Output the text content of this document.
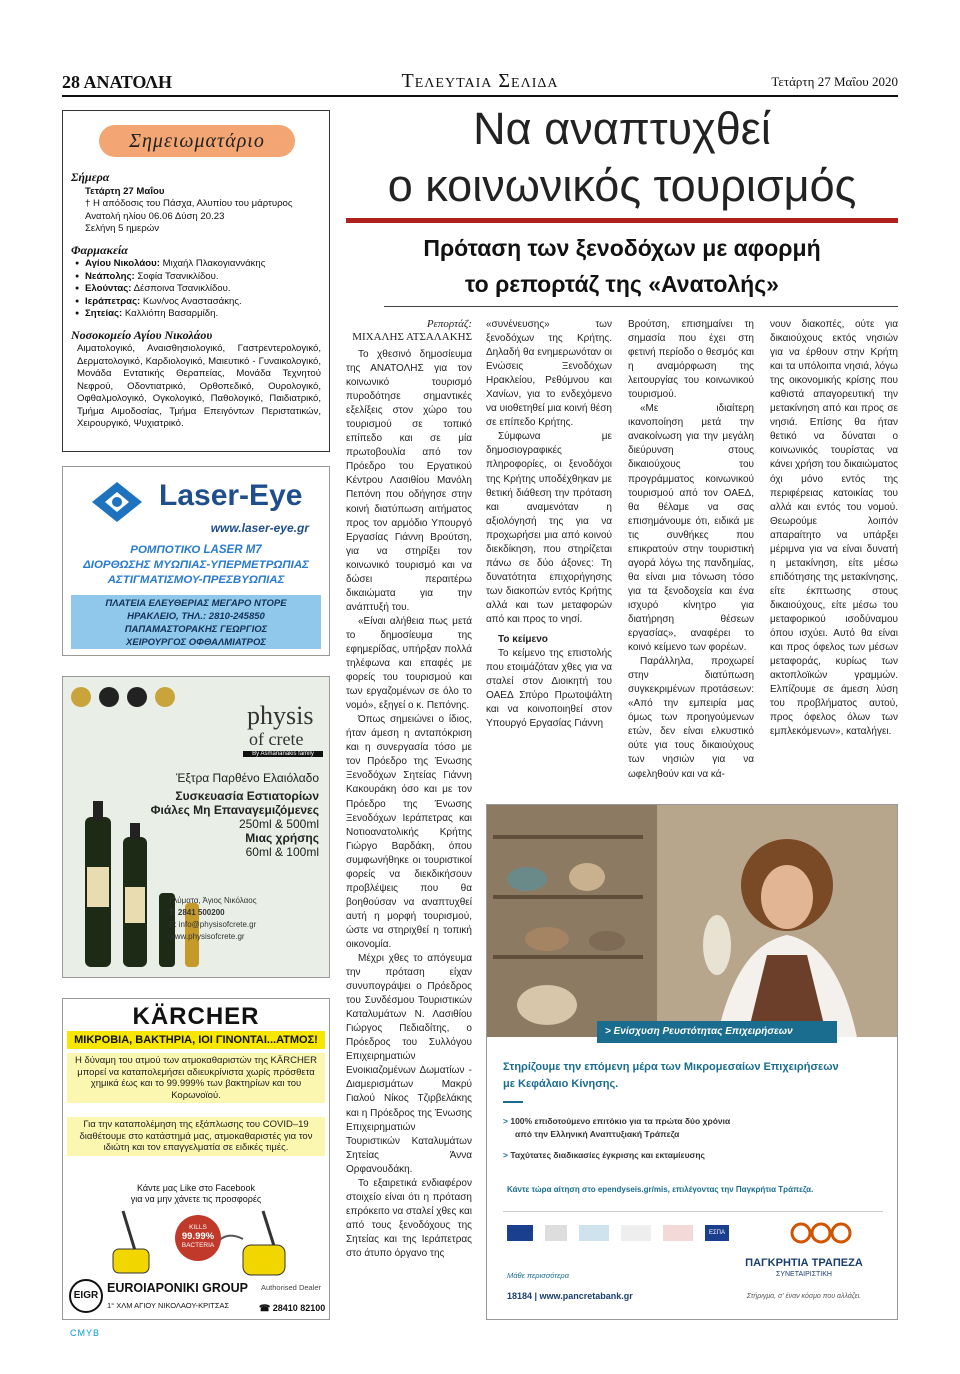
28 ΑΝΑΤΟΛΗ	Τελευταια Σελιδα	Τετάρτη 27 Μαΐου 2020
Σημειωματάριο
Σήμερα
Τετάρτη 27 Μαΐου
† Η απόδοσις του Πάσχα, Αλυπίου του μάρτυρος
Ανατολή ηλίου 06.06 Δύση 20.23
Σελήνη 5 ημερών
Φαρμακεία
● Αγίου Νικολάου: Μιχαήλ Πλακογιαννάκης
● Νεάπολης: Σοφία Τσανικλίδου.
● Ελούντας: Δέσποινα Τσανικλίδου.
● Ιεράπετρας: Κων/νος Αναστασάκης.
● Σητείας: Καλλιόπη Βασαρμίδη.
Νοσοκομείο Αγίου Νικολάου
Αιματολογικό, Αναισθησιολογικό, Γαστρεντερολογικό, Δερματολογικό, Καρδιολογικό, Μαιευτικό - Γυναικολογικό, Μονάδα Εντατικής Θεραπείας, Μονάδα Τεχνητού Νεφρού, Οδοντιατρικό, Ορθοπεδικό, Ουρολογικό, Οφθαλμολογικό, Ογκολογικό, Παθολογικό, Παιδιατρικό, Τμήμα Αιμοδοσίας, Τμήμα Επειγόντων Περιστατικών, Χειρουργικό, Ψυχιατρικό.
Να αναπτυχθεί
ο κοινωνικός τουρισμός
Πρόταση των ξενοδόχων με αφορμή
το ρεπορτάζ της «Ανατολής»
Ρεπορτάζ:
ΜΙΧΑΛΗΣ ΑΤΣΑΛΑΚΗΣ

Το χθεσινό δημοσίευμα της ΑΝΑΤΟΛΗΣ για τον κοινωνικό τουρισμό πυροδότησε σημαντικές εξελίξεις στον χώρο του τουρισμού σε τοπικό επίπεδο και σε μία πρωτοβουλία από τον Πρόεδρο του Εργατικού Κέντρου Λασιθίου Μανόλη Πεπόνη που οδήγησε στην κοινή διατύπωση αιτήματος προς τον αρμόδιο Υπουργό Εργασίας Γιάννη Βρούτση, για να στηρίξει τον κοινωνικό τουρισμό και να δώσει περαιτέρω δικαιώματα για την ανάπτυξή του.

«Είναι αλήθεια πως μετά το δημοσίευμα της εφημερίδας, υπήρξαν πολλά τηλέφωνα και επαφές με φορείς του τουρισμού και των εργαζομένων σε όλο το νομό», εξηγεί ο κ. Πεπόνης.

Όπως σημειώνει ο ίδιος, ήταν άμεση η ανταπόκριση και η συνεργασία τόσο με τον Πρόεδρο της Ένωσης Ξενοδόχων Σητείας Γιάννη Κακουράκη όσο και με τον Πρόεδρο της Ένωσης Ξενοδόχων Ιεράπετρας και Νοτιοανατολικής Κρήτης Γιώργο Βαρδάκη, όπου συμφωνήθηκε οι τουριστικοί φορείς να διεκδικήσουν προβλέψεις που θα βοηθούσαν να αναπτυχθεί αυτή η μορφή τουρισμού, ώστε να στηριχθεί η τοπική οικονομία.

Μέχρι χθες το απόγευμα την πρόταση είχαν συνυπογράψει ο Πρόεδρος του Συνδέσμου Τουριστικών Καταλυμάτων Ν. Λασιθίου Γιώργος Πεδιαδίτης, ο Πρόεδρος του Συλλόγου Επιχειρηματιών Ενοικιαζομένων Δωματίων - Διαμερισμάτων Μακρύ Γιαλού Νίκος Τζιρβελάκης και η Πρόεδρος της Ένωσης Επιχειρηματιών Τουριστικών Καταλυμάτων Σητείας Άννα Ορφανουδάκη.

Το εξαιρετικά ενδιαφέρον στοιχείο είναι ότι η πρόταση επρόκειτο να σταλεί χθες και από τους ξενοδόχους της Σητείας και της Ιεράπετρας στο άτυπο όργανο της

«συνένευσης» των ξενοδόχων της Κρήτης. Δηλαδή θα ενημερωνόταν οι Ενώσεις Ξενοδόχων Ηρακλείου, Ρεθύμνου και Χανίων, για το ενδεχόμενο να υιοθετηθεί μια κοινή θέση σε επίπεδο Κρήτης.

Σύμφωνα με δημοσιογραφικές πληροφορίες, οι ξενοδόχοι της Κρήτης υποδέχθηκαν με θετική διάθεση την πρόταση και αναμενόταν η αξιολόγησή της για να προχωρήσει μια από κοινού διεκδίκηση, που στηρίζεται πάνω σε δύο άξονες: Τη δυνατότητα επιχορήγησης των διακοπών εντός Κρήτης αλλά και των μεταφορών από και προς το νησί.

Το κείμενο

Το κείμενο της επιστολής που ετοιμάζόταν χθες για να σταλεί στον Διοικητή του ΟΑΕΔ Σπύρο Πρωτοψάλτη και να κοινοποιηθεί στον Υπουργό Εργασίας Γιάννη

Βρούτση, επισημαίνει τη σημασία που έχει στη φετινή περίοδο ο θεσμός και η αναμόρφωση της λειτουργίας του κοινωνικού τουρισμού.

«Με ιδιαίτερη ικανοποίηση μετά την ανακοίνωση για την μεγάλη διεύρυνση στους δικαιούχους του προγράμματος κοινωνικού τουρισμού από τον ΟΑΕΔ, θα θέλαμε να σας επισημάνουμε ότι, ειδικά με τις συνθήκες που επικρατούν στην τουριστική αγορά λόγω της πανδημίας, θα είναι μια τόνωση τόσο για τα ξενοδοχεία και ένα ισχυρό κίνητρο για διατήρηση θέσεων εργασίας», αναφέρει το κοινό κείμενο των φορέων.

Παράλληλα, προχωρεί στην διατύπωση συγκεκριμένων προτάσεων: «Από την εμπειρία μας όμως των προηγούμενων ετών, δεν είναι ελκυστικό ούτε για τους δικαιούχους των νησιών για να ωφεληθούν και να κά-

νουν διακοπές, ούτε για δικαιούχους εκτός νησιών για να έρθουν στην Κρήτη και τα υπόλοιπα νησιά, λόγω της οικονομικής κρίσης που καθιστά απαγορευτική την μετακίνηση από και προς σε νησιά. Επίσης θα ήταν θετικό να δύναται ο κοινωνικός τουρίστας να κάνει χρήση του δικαιώματος όχι μόνο εντός της περιφέρειας κατοικίας του αλλά και εντός του νομού. Θεωρούμε λοιπόν απαραίτητο να υπάρξει μέριμνα για να είναι δυνατή η μετακίνηση, είτε μέσω επιδότησης της μετακίνησης, είτε έκπτωσης στους δικαιούχους, είτε μέσω του μεταφορικού ισοδύναμου όπου ισχύει. Αυτό θα είναι και προς όφελος των μέσων μεταφοράς, κυρίως των ακτοπλοϊκών γραμμών. Ελπίζουμε σε άμεση λύση του προβλήματος αυτού, προς όφελος όλων των εμπλεκόμενων», καταλήγει.

Laser-Eye
www.laser-eye.gr
ΡΟΜΠΟΤΙΚΟ LASER M7
ΔΙΟΡΘΩΣΗΣ ΜΥΩΠΙΑΣ-ΥΠΕΡΜΕΤΡΩΠΙΑΣ
ΑΣΤΙΓΜΑΤΙΣΜΟΥ-ΠΡΕΣΒΥΩΠΙΑΣ
ΠΛΑΤΕΙΑ ΕΛΕΥΘΕΡΙΑΣ ΜΕΓΑΡΟ ΝΤΟΡΕ
ΗΡΑΚΛΕΙΟ, ΤΗΛ.: 2810-245850
ΠΑΠΑΜΑΣΤΟΡΑΚΗΣ ΓΕΩΡΓΙΟΣ
ΧΕΙΡΟΥΡΓΟΣ ΟΦΘΑΛΜΙΑΤΡΟΣ

physis
of crete
By Asmarianakis family
Έξτρα Παρθένο Ελαιόλαδο
Συσκευασία Εστιατορίων
Φιάλες Μη Επαναγεμιζόμενες
250ml & 500ml
Μιας χρήσης
60ml & 100ml
Γλύματα, Άγιος Νικόλαος
T: 2841 500200
E: info@physisofcrete.gr
www.physisofcrete.gr
KÄRCHER
ΜΙΚΡΟΒΙΑ, ΒΑΚΤΗΡΙΑ, ΙΟΙ ΓΙΝΟΝΤΑΙ...ΑΤΜΟΣ!
Η δύναμη του ατμού των ατμοκαθαριστών της KÄRCHER μπορεί να καταπολεμήσει αδιευκρίνιστα χωρίς πρόσθετα χημικά έως και το 99.999% των βακτηρίων και του Κορωνοϊού.
Για την καταπολέμηση της εξάπλωσης του COVID–19 διαθέτουμε στο κατάστημά μας, ατμοκαθαριστές για τον ιδιώτη και τον επαγγελματία σε ειδικές τιμές.
Κάντε μας Like στο Facebook
για να μην χάνετε τις προσφορές
KILLS
99.99%
BACTERIA
EIGR
EUROIAPONIKI GROUP
1° ΧΛΜ ΑΓΙΟΥ ΝΙΚΟΛΑΟΥ-ΚΡΙΤΣΑΣ
Authorised Dealer
☎ 28410 82100
> Ενίσχυση Ρευστότητας Επιχειρήσεων
Στηρίζουμε την επόμενη μέρα των Μικρομεσαίων Επιχειρήσεων
με Κεφάλαιο Κίνησης.
> 100% επιδοτούμενο επιτόκιο για τα πρώτα δύο χρόνια
από την Ελληνική Αναπτυξιακή Τράπεζα
> Ταχύτατες διαδικασίες έγκρισης και εκταμίευσης
Κάντε τώρα αίτηση στο ependyseis.gr/mis, επιλέγοντας την Παγκρήτια Τράπεζα.
ΕΣΠΑ
ΠΑΓΚΡΗΤΙΑ ΤΡΑΠΕΖΑ
ΣΥΝΕΤΑΙΡΙΣΤΙΚΗ
Μάθε περισσότερα
18184 | www.pancretabank.gr	Στήριγμα, σ' έναν κόσμο που αλλάζει.
CMYB
